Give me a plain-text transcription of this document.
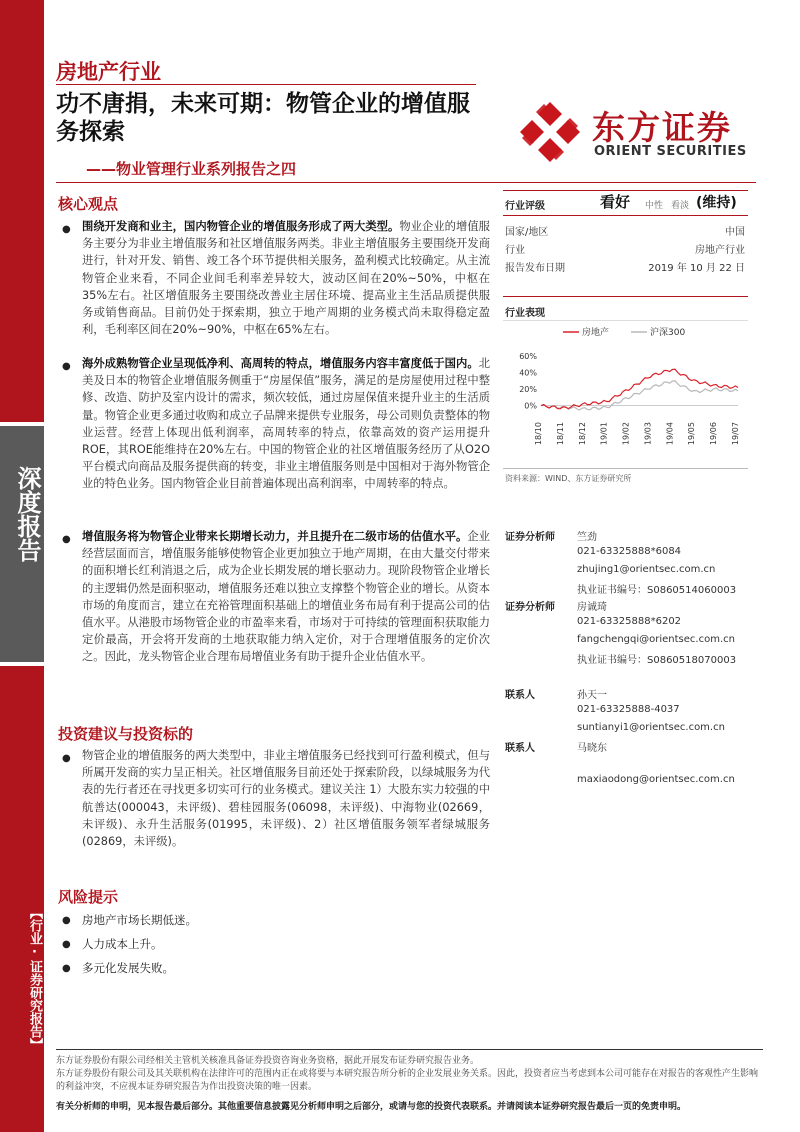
深度报告
【行业·证券研究报告】
房地产行业
功不唐捐，未来可期：物管企业的增值服务探索
——物业管理行业系列报告之四
东方证券
ORIENT SECURITIES
核心观点
● 围绕开发商和业主，国内物管企业的增值服务形成了两大类型。物业企业的增值服务主要分为非业主增值服务和社区增值服务两类。非业主增值服务主要围绕开发商进行，针对开发、销售、竣工各个环节提供相关服务，盈利模式比较确定。从主流物管企业来看，不同企业间毛利率差异较大，波动区间在20%~50%，中枢在35%左右。社区增值服务主要围绕改善业主居住环境、提高业主生活品质提供服务或销售商品。目前仍处于探索期，独立于地产周期的业务模式尚未取得稳定盈利，毛利率区间在20%~90%，中枢在65%左右。
● 海外成熟物管企业呈现低净利、高周转的特点，增值服务内容丰富度低于国内。北美及日本的物管企业增值服务侧重于“房屋保值”服务，满足的是房屋使用过程中整修、改造、防护及室内设计的需求，频次较低，通过房屋保值来提升业主的生活质量。物管企业更多通过收购和成立子品牌来提供专业服务，母公司则负责整体的物业运营。经营上体现出低利润率，高周转率的特点，依靠高效的资产运用提升ROE，其ROE能维持在20%左右。中国的物管企业的社区增值服务经历了从O2O平台模式向商品及服务提供商的转变，非业主增值服务则是中国相对于海外物管企业的特色业务。国内物管企业目前普遍体现出高利润率，中周转率的特点。
● 增值服务将为物管企业带来长期增长动力，并且提升在二级市场的估值水平。企业经营层面而言，增值服务能够使物管企业更加独立于地产周期，在由大量交付带来的面积增长红利消退之后，成为企业长期发展的增长驱动力。现阶段物管企业增长的主逻辑仍然是面积驱动，增值服务还难以独立支撑整个物管企业的增长。从资本市场的角度而言，建立在充裕管理面积基础上的增值业务布局有利于提高公司的估值水平。从港股市场物管企业的市盈率来看，市场对于可持续的管理面积获取能力定价最高，开会将开发商的土地获取能力纳入定价，对于合理增值服务的定价次之。因此，龙头物管企业合理布局增值业务有助于提升企业估值水平。
投资建议与投资标的
● 物管企业的增值服务的两大类型中，非业主增值服务已经找到可行盈利模式，但与所属开发商的实力呈正相关。社区增值服务目前还处于探索阶段，以绿城服务为代表的先行者还在寻找更多切实可行的业务模式。建议关注 1）大股东实力较强的中航善达(000043，未评级)、碧桂园服务(06098，未评级)、中海物业(02669，未评级)、永升生活服务(01995，未评级)、2）社区增值服务领军者绿城服务(02869，未评级)。
风险提示
● 房地产市场长期低迷。
● 人力成本上升。
● 多元化发展失败。
行业评级	看好 中性 看淡 (维持)
国家/地区	中国
行业	房地产行业
报告发布日期	2019 年 10 月 22 日
行业表现
房地产	沪深300
60%
40%
20%
0%
18/10 18/11 18/12 19/01 19/02 19/03 19/04 19/05 19/06 19/07
资料来源：WIND、东方证券研究所
证券分析师 竺劲
021-63325888*6084
zhujing1@orientsec.com.cn
执业证书编号：S0860514060003
证券分析师 房诚琦
021-63325888*6202
fangchengqi@orientsec.com.cn
执业证书编号：S0860518070003
联系人	孙天一
021-63325888-4037
suntianyi1@orientsec.com.cn
联系人	马晓东
maxiaodong@orientsec.com.cn
东方证券股份有限公司经相关主管机关核准具备证券投资咨询业务资格，据此开展发布证券研究报告业务。
东方证券股份有限公司及其关联机构在法律许可的范围内正在或将要与本研究报告所分析的企业发展业务关系。因此，投资者应当考虑到本公司可能存在对报告的客观性产生影响的利益冲突，不应视本证券研究报告为作出投资决策的唯一因素。
有关分析师的申明，见本报告最后部分。其他重要信息披露见分析师申明之后部分，或请与您的投资代表联系。并请阅读本证券研究报告最后一页的免责申明。
